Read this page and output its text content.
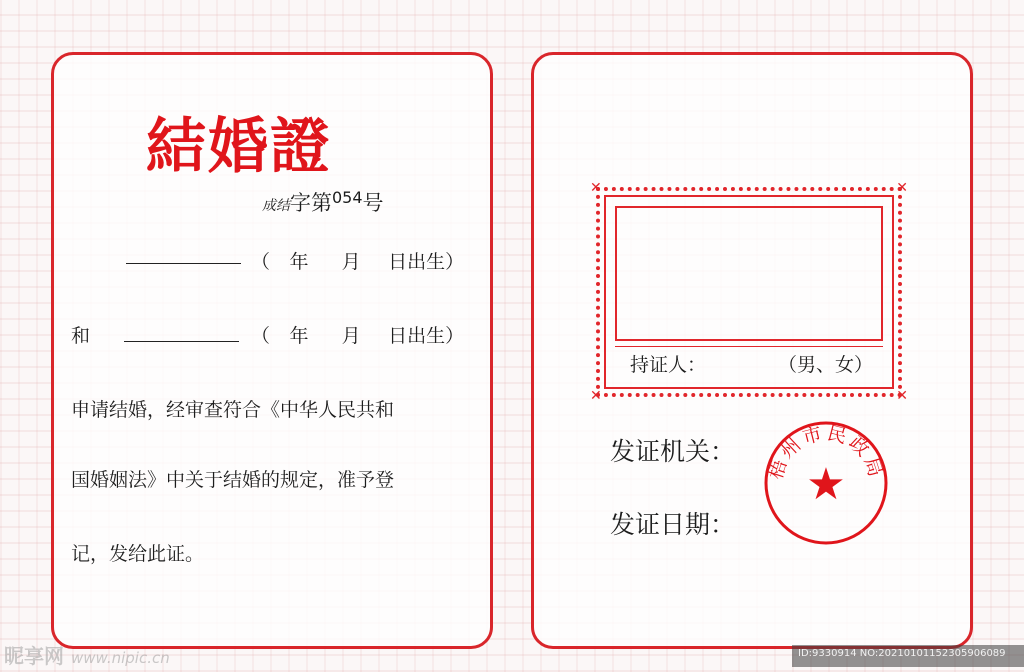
結婚證
成结字第$^{054}$号
（ 年 月 日出生）
和	（ 年 月 日出生）
申请结婚，经审查符合《中华人民共和
国婚姻法》中关于结婚的规定，准予登
记，发给此证。
✕	✕
✕	✕
持证人：	（男、女）
发证机关：
发证日期：
梧州市民政局
★
昵享网 www.nipic.cn	ID:9330914 NO:20210101152305906089
